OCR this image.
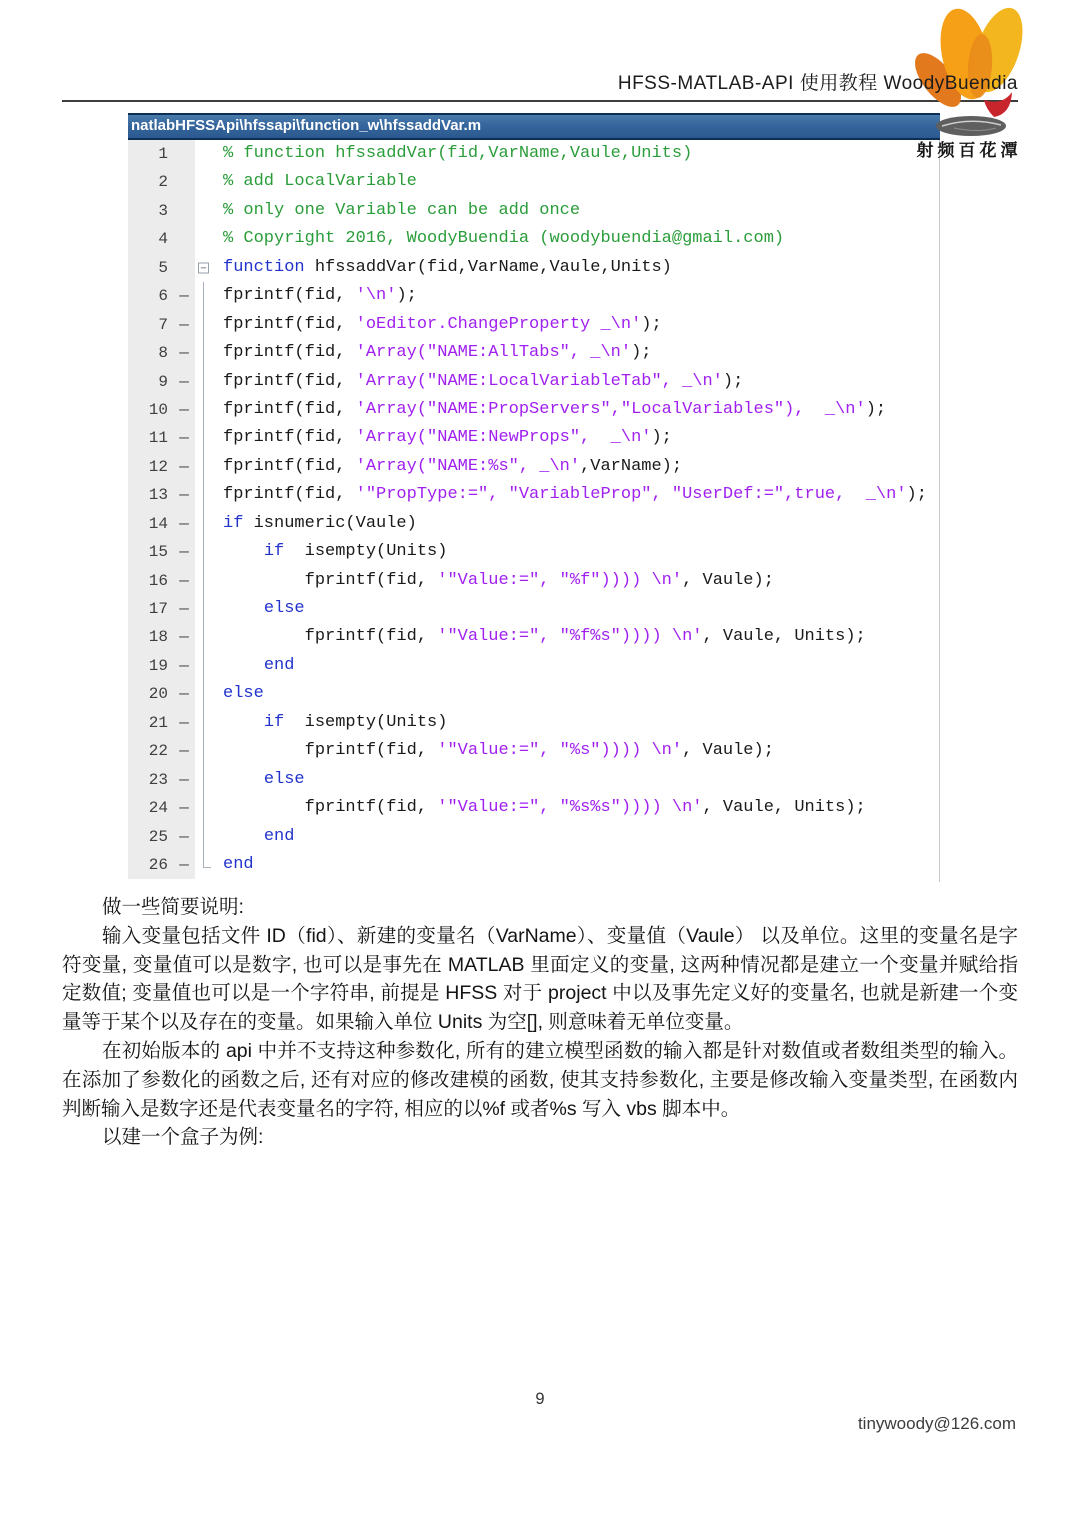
HFSS-MATLAB-API 使用教程 WoodyBuendia
射频百花潭
natlabHFSSApi\hfssapi\function_w\hfssaddVar.m
1	% function hfssaddVar(fid,VarName,Vaule,Units)
2	% add LocalVariable
3	% only one Variable can be add once
4	% Copyright 2016, WoodyBuendia (woodybuendia@gmail.com)
5	− function hfssaddVar(fid,VarName,Vaule,Units)
6 —	fprintf(fid, '\n');
7 —	fprintf(fid, 'oEditor.ChangeProperty _\n');
8 —	fprintf(fid, 'Array("NAME:AllTabs", _\n');
9 —	fprintf(fid, 'Array("NAME:LocalVariableTab", _\n');
10 —	fprintf(fid, 'Array("NAME:PropServers","LocalVariables"),  _\n');
11 —	fprintf(fid, 'Array("NAME:NewProps",  _\n');
12 —	fprintf(fid, 'Array("NAME:%s", _\n',VarName);
13 —	fprintf(fid, '"PropType:=", "VariableProp", "UserDef:=",true,  _\n');
14 —	if isnumeric(Vaule)
15 —	if  isempty(Units)
16 —	fprintf(fid, '"Value:=", "%f")))) \n', Vaule);
17 —	else
18 —	fprintf(fid, '"Value:=", "%f%s")))) \n', Vaule, Units);
19 —	end
20 —	else
21 —	if  isempty(Units)
22 —	fprintf(fid, '"Value:=", "%s")))) \n', Vaule);
23 —	else
24 —	fprintf(fid, '"Value:=", "%s%s")))) \n', Vaule, Units);
25 —	end
26 —	end

做一些简要说明:

输入变量包括文件 ID（fid）、新建的变量名（VarName）、变量值（Vaule） 以及单位。这里的变量名是字符变量, 变量值可以是数字, 也可以是事先在 MATLAB 里面定义的变量, 这两种情况都是建立一个变量并赋给指定数值; 变量值也可以是一个字符串, 前提是 HFSS 对于 project 中以及事先定义好的变量名, 也就是新建一个变量等于某个以及存在的变量。如果输入单位 Units 为空[], 则意味着无单位变量。

在初始版本的 api 中并不支持这种参数化, 所有的建立模型函数的输入都是针对数值或者数组类型的输入。在添加了参数化的函数之后, 还有对应的修改建模的函数, 使其支持参数化, 主要是修改输入变量类型, 在函数内判断输入是数字还是代表变量名的字符, 相应的以%f 或者%s 写入 vbs 脚本中。

以建一个盒子为例:

9
tinywoody@126.com
